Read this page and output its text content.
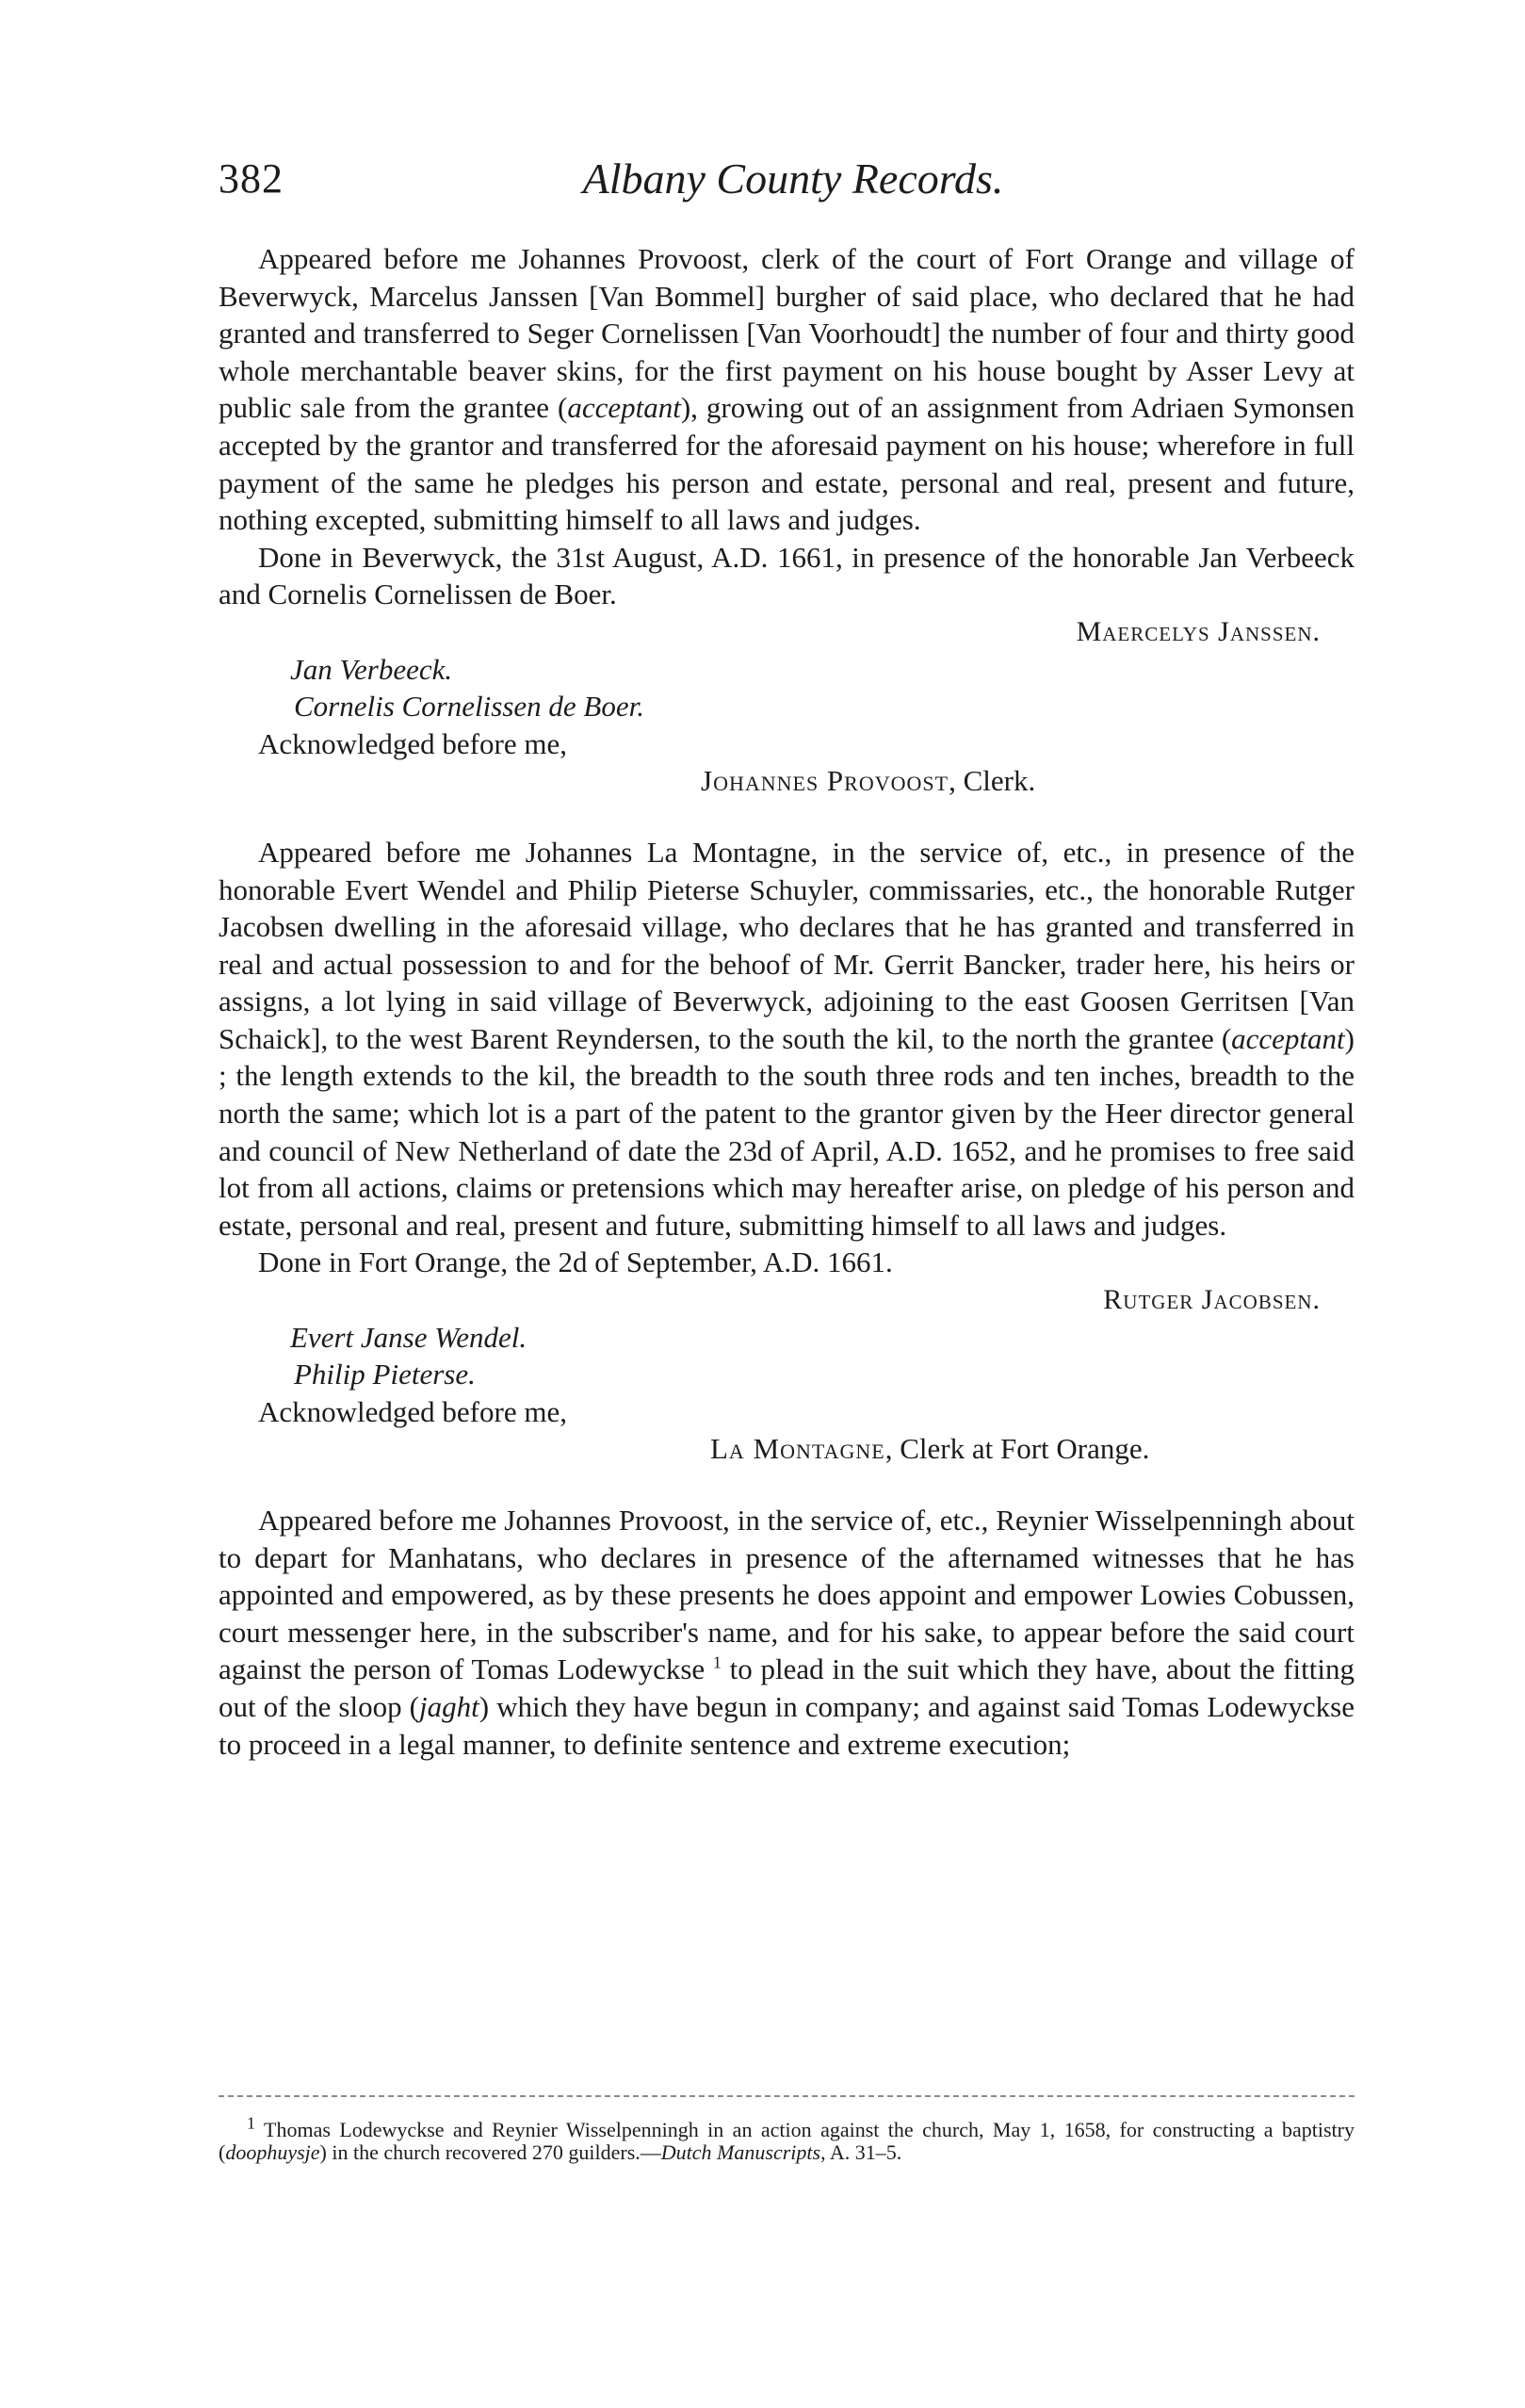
382	Albany County Records.

Appeared before me Johannes Provoost, clerk of the court of Fort Orange and village of Beverwyck, Marcelus Janssen [Van Bommel] burgher of said place, who declared that he had granted and transferred to Seger Cornelissen [Van Voorhoudt] the number of four and thirty good whole merchantable beaver skins, for the first payment on his house bought by Asser Levy at public sale from the grantee (acceptant), growing out of an assignment from Adriaen Symonsen accepted by the grantor and transferred for the aforesaid payment on his house; wherefore in full payment of the same he pledges his person and estate, personal and real, present and future, nothing excepted, submitting himself to all laws and judges.

Done in Beverwyck, the 31st August, A.D. 1661, in presence of the honorable Jan Verbeeck and Cornelis Cornelissen de Boer.

Maercelys Janssen.
Jan Verbeeck.
Cornelis Cornelissen de Boer.
Acknowledged before me,
Johannes Provoost, Clerk.

Appeared before me Johannes La Montagne, in the service of, etc., in presence of the honorable Evert Wendel and Philip Pieterse Schuyler, commissaries, etc., the honorable Rutger Jacobsen dwelling in the aforesaid village, who declares that he has granted and transferred in real and actual possession to and for the behoof of Mr. Gerrit Bancker, trader here, his heirs or assigns, a lot lying in said village of Beverwyck, adjoining to the east Goosen Gerritsen [Van Schaick], to the west Barent Reyndersen, to the south the kil, to the north the grantee (acceptant) ; the length extends to the kil, the breadth to the south three rods and ten inches, breadth to the north the same; which lot is a part of the patent to the grantor given by the Heer director general and council of New Netherland of date the 23d of April, A.D. 1652, and he promises to free said lot from all actions, claims or pretensions which may hereafter arise, on pledge of his person and estate, personal and real, present and future, submitting himself to all laws and judges.

Done in Fort Orange, the 2d of September, A.D. 1661.

Rutger Jacobsen.
Evert Janse Wendel.
Philip Pieterse.
Acknowledged before me,
La Montagne, Clerk at Fort Orange.

Appeared before me Johannes Provoost, in the service of, etc., Reynier Wisselpenningh about to depart for Manhatans, who declares in presence of the afternamed witnesses that he has appointed and empowered, as by these presents he does appoint and empower Lowies Cobussen, court messenger here, in the subscriber's name, and for his sake, to appear before the said court against the person of Tomas Lodewyckse $^1$ to plead in the suit which they have, about the fitting out of the sloop (jaght) which they have begun in company; and against said Tomas Lodewyckse to proceed in a legal manner, to definite sentence and extreme execution;

$^1$ Thomas Lodewyckse and Reynier Wisselpenningh in an action against the church, May 1, 1658, for constructing a baptistry (doophuysje) in the church recovered 270 guilders.—Dutch Manuscripts, A. 31–5.
